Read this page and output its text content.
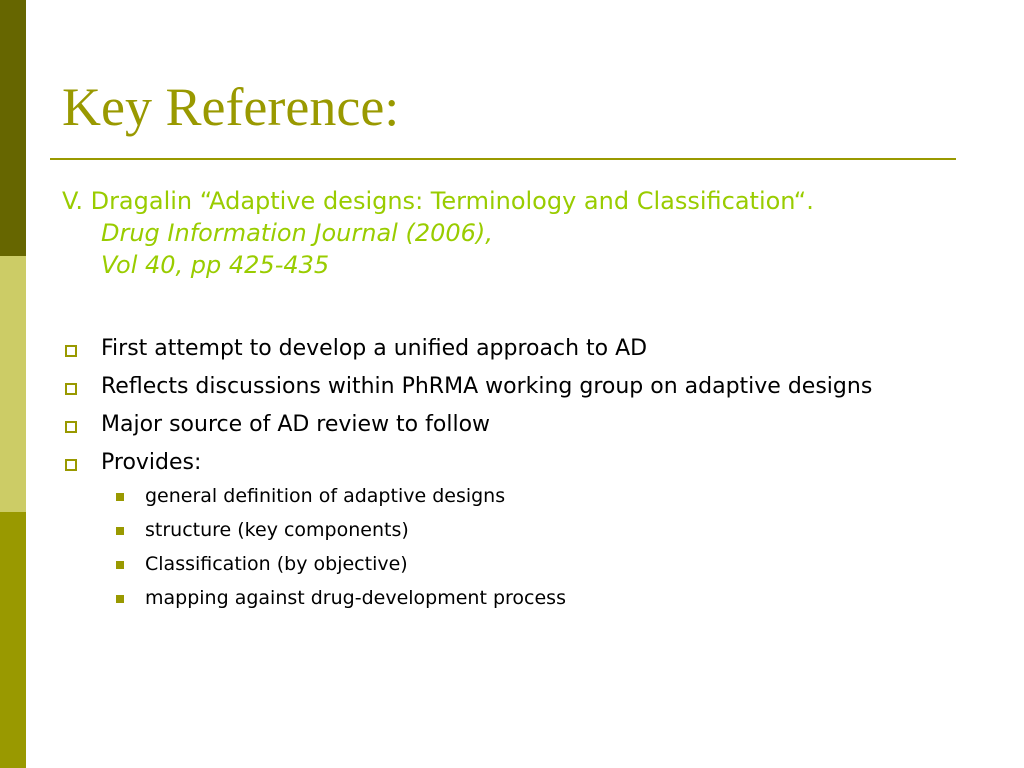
Key Reference:
V. Dragalin “Adaptive designs: Terminology and Classification“.
Drug Information Journal (2006),
Vol 40, pp 425-435
First attempt to develop a unified approach to AD
Reflects discussions within PhRMA working group on adaptive designs
Major source of AD review to follow
Provides:
general definition of adaptive designs
structure (key components)
Classification (by objective)
mapping against drug-development process
